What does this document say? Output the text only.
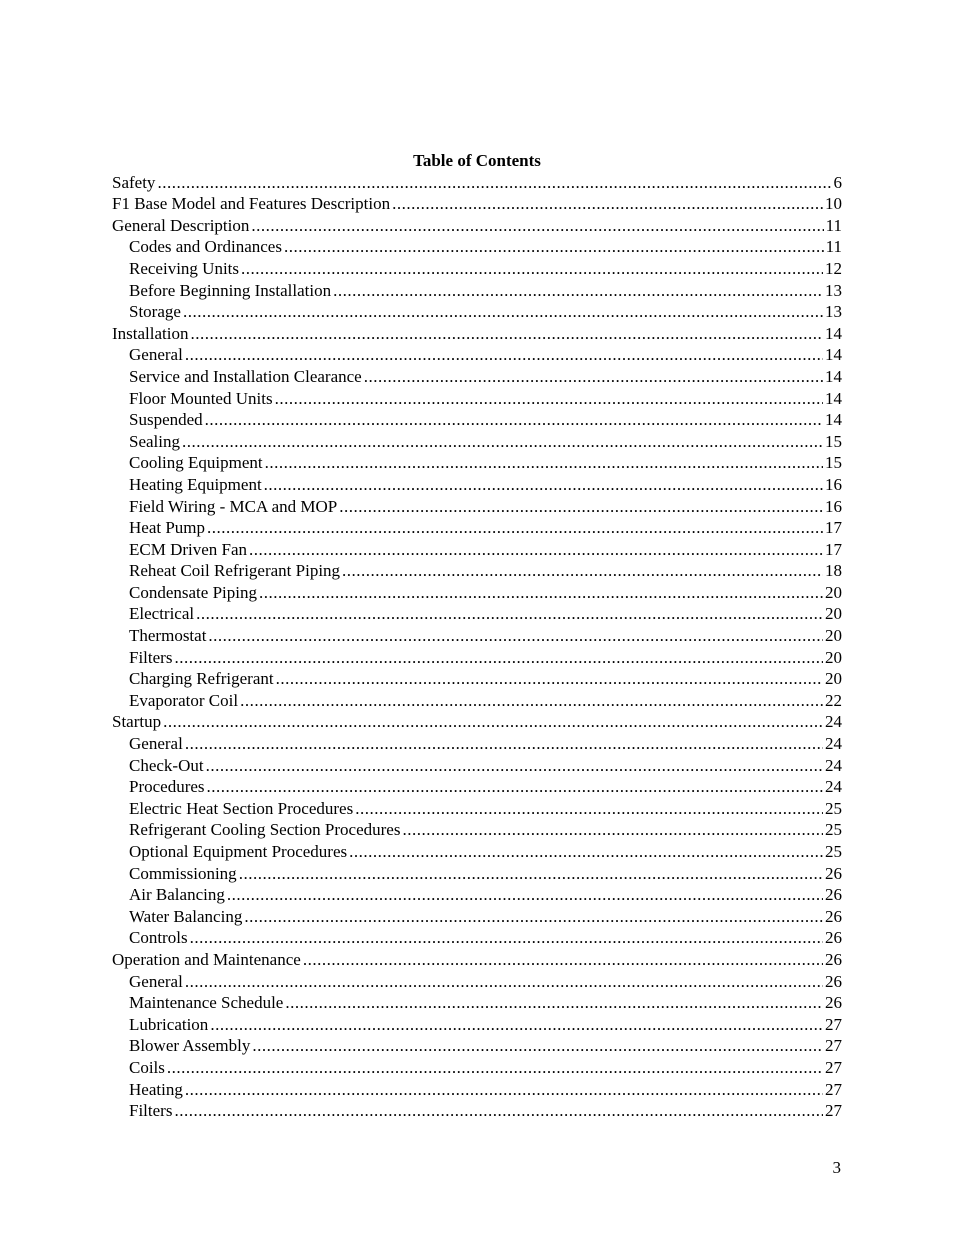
Table of Contents
Safety .....	6
F1 Base Model and Features Description .....	10
General Description .....	11
Codes and Ordinances .....	11
Receiving Units .....	12
Before Beginning Installation .....	13
Storage .....	13
Installation .....	14
General .....	14
Service and Installation Clearance .....	14
Floor Mounted Units .....	14
Suspended .....	14
Sealing .....	15
Cooling Equipment .....	15
Heating Equipment .....	16
Field Wiring - MCA and MOP .....	16
Heat Pump .....	17
ECM Driven Fan .....	17
Reheat Coil Refrigerant Piping .....	18
Condensate Piping .....	20
Electrical .....	20
Thermostat .....	20
Filters .....	20
Charging Refrigerant .....	20
Evaporator Coil .....	22
Startup .....	24
General .....	24
Check-Out .....	24
Procedures .....	24
Electric Heat Section Procedures .....	25
Refrigerant Cooling Section Procedures .....	25
Optional Equipment Procedures .....	25
Commissioning .....	26
Air Balancing .....	26
Water Balancing .....	26
Controls .....	26
Operation and Maintenance .....	26
General .....	26
Maintenance Schedule .....	26
Lubrication .....	27
Blower Assembly .....	27
Coils .....	27
Heating .....	27
Filters .....	27
3
